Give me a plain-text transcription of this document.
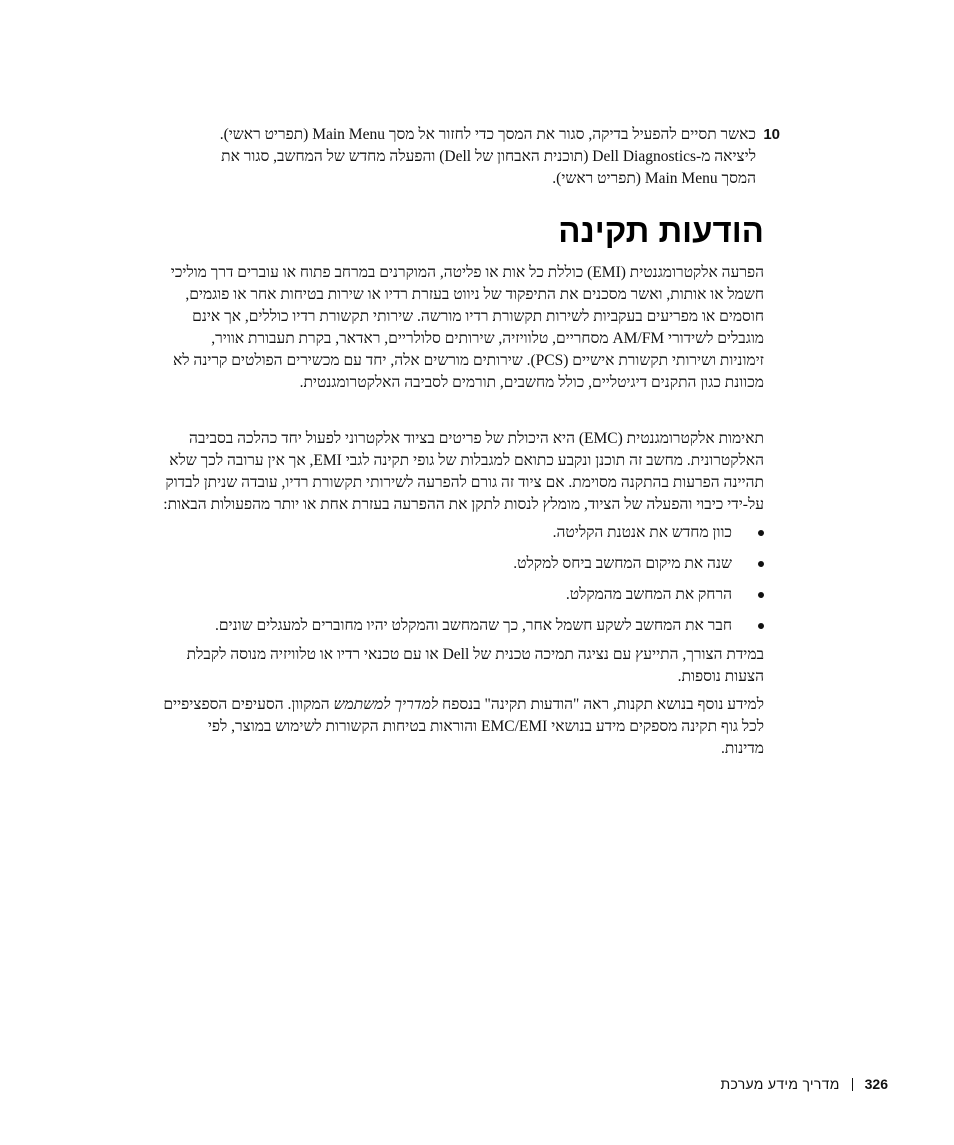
10

כאשר תסיים להפעיל בדיקה, סגור את המסך כדי לחזור אל מסך Main Menu (תפריט ראשי).

ליציאה מ-Dell Diagnostics (תוכנית האבחון של Dell) והפעלה מחדש של המחשב, סגור את

המסך Main Menu (תפריט ראשי).

הודעות תקינה
הפרעה אלקטרומגנטית (EMI) כוללת כל אות או פליטה, המוקרנים במרחב פתוח או עוברים דרך מוליכי
חשמל או אותות, ואשר מסכנים את התיפקוד של ניווט בעזרת רדיו או שירות בטיחות אחר או פוגמים,
חוסמים או מפריעים בעקביות לשירות תקשורת רדיו מורשה. שירותי תקשורת רדיו כוללים, אך אינם
מוגבלים לשידורי AM/FM מסחריים, טלוויזיה, שירותים סלולריים, ראדאר, בקרת תעבורת אוויר,
זימוניות ושירותי תקשורת אישיים (PCS). שירותים מורשים אלה, יחד עם מכשירים הפולטים קרינה לא
מכוונת כגון התקנים דיגיטליים, כולל מחשבים, תורמים לסביבה האלקטרומגנטית.
תאימות אלקטרומגנטית (EMC) היא היכולת של פריטים בציוד אלקטרוני לפעול יחד כהלכה בסביבה
האלקטרונית. מחשב זה תוכנן ונקבע כתואם למגבלות של גופי תקינה לגבי EMI, אך אין ערובה לכך שלא
תהיינה הפרעות בהתקנה מסוימת. אם ציוד זה גורם להפרעה לשירותי תקשורת רדיו, עובדה שניתן לבדוק
על-ידי כיבוי והפעלה של הציוד, מומלץ לנסות לתקן את ההפרעה בעזרת אחת או יותר מהפעולות הבאות:
כוון מחדש את אנטנת הקליטה.
שנה את מיקום המחשב ביחס למקלט.
הרחק את המחשב מהמקלט.
חבר את המחשב לשקע חשמל אחר, כך שהמחשב והמקלט יהיו מחוברים למעגלים שונים.
במידת הצורך, התייעץ עם נציגה תמיכה טכנית של Dell או עם טכנאי רדיו או טלוויזיה מנוסה לקבלת
הצעות נוספות.
למידע נוסף בנושא תקנות, ראה "הודעות תקינה" בנספח למדריך למשתמש המקוון. הסעיפים הספציפיים
לכל גוף תקינה מספקים מידע בנושאי EMC/EMI והוראות בטיחות הקשורות לשימוש במוצר, לפי
מדינות.
326
מדריך מידע מערכת
